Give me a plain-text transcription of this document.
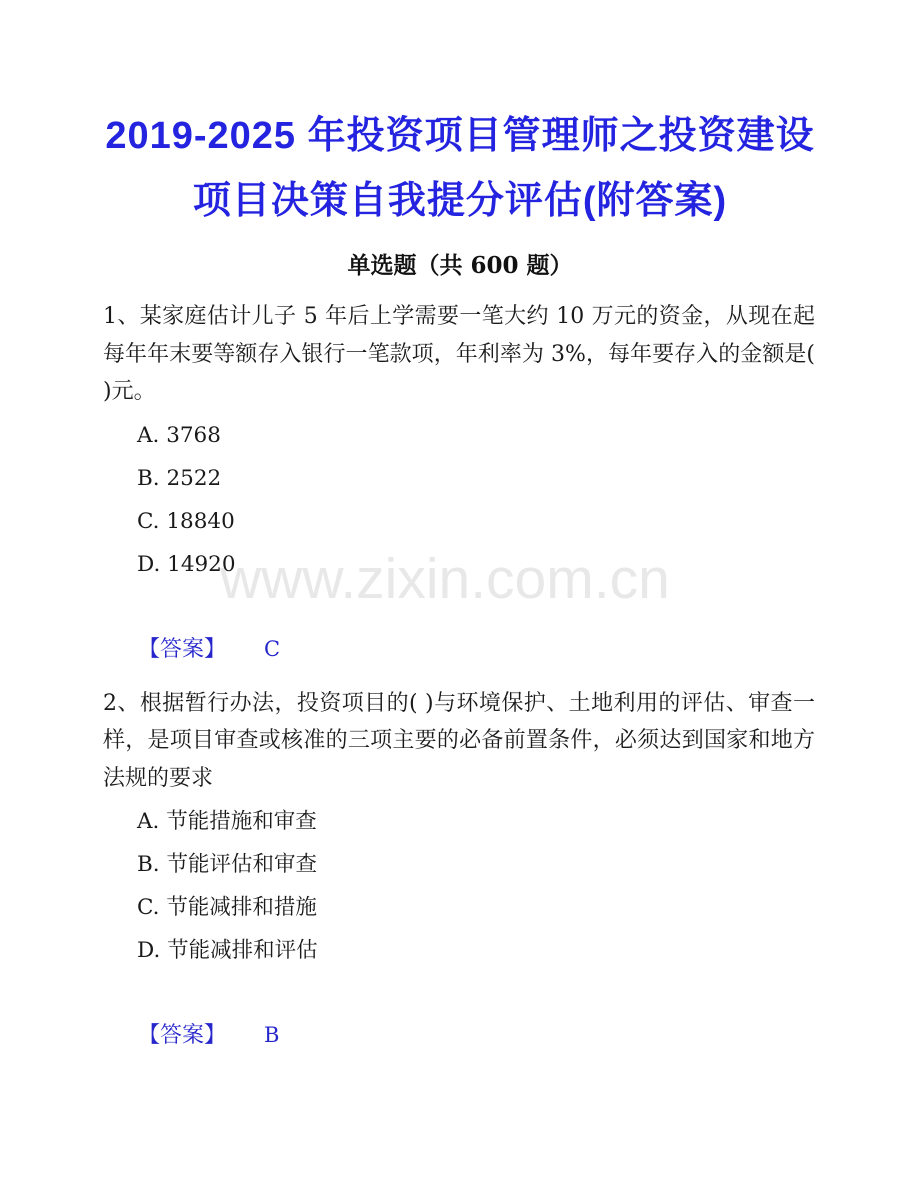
www.zixin.com.cn
2019-2025 年投资项目管理师之投资建设
项目决策自我提分评估(附答案)
单选题（共 600 题）

1、某家庭估计儿子 5 年后上学需要一笔大约 10 万元的资金，从现在起每年年末要等额存入银行一笔款项，年利率为 3%，每年要存入的金额是( )元。

A. 3768

B. 2522

C. 18840

D. 14920

【答案】 C

2、根据暂行办法，投资项目的( )与环境保护、土地利用的评估、审查一样，是项目审查或核准的三项主要的必备前置条件，必须达到国家和地方法规的要求

A. 节能措施和审查

B. 节能评估和审查

C. 节能减排和措施

D. 节能减排和评估

【答案】 B
